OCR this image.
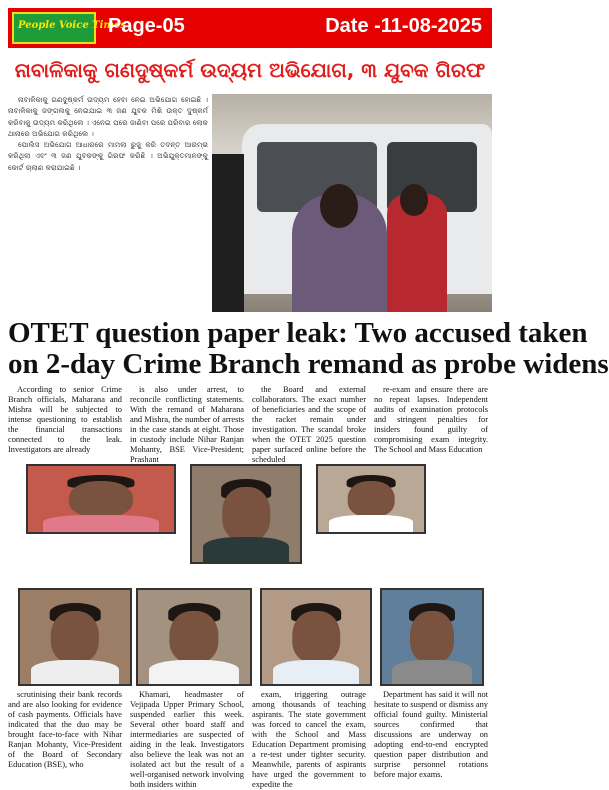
People Voice Times
Page-05	Date -11-08-2025
ନାବାଳିକାକୁ ଗଣଦୁଷ୍କର୍ମ ଉଦ୍ୟମ ଅଭିଯୋଗ, ୩ ଯୁବକ ଗିରଫ

ନାବାଳିକାକୁ ଗଣଦୁଷ୍କର୍ମ ଉଦ୍ୟମ ହେବା ନେଇ ଅଭିଯୋଗ ହୋଇଛି । ନାବାଳିକାକୁ ଜଙ୍ଗଲକୁ ନେଇଯାଇ ୩ ଜଣ ଯୁବକ ମିଶି ଉକ୍ତ ଦୁଷ୍କର୍ମ କରିବାକୁ ଉଦ୍ୟମ କରିଥିଲେ । ଏନେଇ ପରେ ଜାଣିବା ପରେ ପରିବାର ଲୋକ ଥାନାରେ ଅଭିଯୋଗ କରିଥିଲେ ।

ପୋଲିସ ଅଭିଯୋଗ ଆଧାରରେ ମାମଲା ରୁଜୁ କରି ତଦନ୍ତ ଆରମ୍ଭ କରିଥିଲା ଏବଂ ୩ ଜଣ ଯୁବକଙ୍କୁ ଗିରଫ କରିଛି । ଅଭିଯୁକ୍ତମାନଙ୍କୁ କୋର୍ଟ ଚାଲାଣ କରାଯାଇଛି ।

OTET question paper leak: Two accused taken
on 2-day Crime Branch remand as probe widens

According to senior Crime Branch officials, Maharana and Mishra will be subjected to intense questioning to establish the financial transactions connected to the leak. Investigators are already

is also under arrest, to reconcile conflicting statements. With the remand of Maharana and Mishra, the number of arrests in the case stands at eight. Those in custody include Nihar Ranjan Mohanty, BSE Vice-President; Prashant

the Board and external collaborators. The exact number of beneficiaries and the scope of the racket remain under investigation. The scandal broke when the OTET 2025 question paper surfaced online before the scheduled

re-exam and ensure there are no repeat lapses. Independent audits of examination protocols and stringent penalties for insiders found guilty of compromising exam integrity. The School and Mass Education

scrutinising their bank records and are also looking for evidence of cash payments. Officials have indicated that the duo may be brought face-to-face with Nihar Ranjan Mohanty, Vice-President of the Board of Secondary Education (BSE), who

Khamari, headmaster of Vejipada Upper Primary School, suspended earlier this week. Several other board staff and intermediaries are suspected of aiding in the leak. Investigators also believe the leak was not an isolated act but the result of a well-organised network involving both insiders within

exam, triggering outrage among thousands of teaching aspirants. The state government was forced to cancel the exam, with the School and Mass Education Department promising a re-test under tighter security. Meanwhile, parents of aspirants have urged the government to expedite the

Department has said it will not hesitate to suspend or dismiss any official found guilty. Ministerial sources confirmed that discussions are underway on adopting end-to-end encrypted question paper distribution and surprise personnel rotations before major exams.
